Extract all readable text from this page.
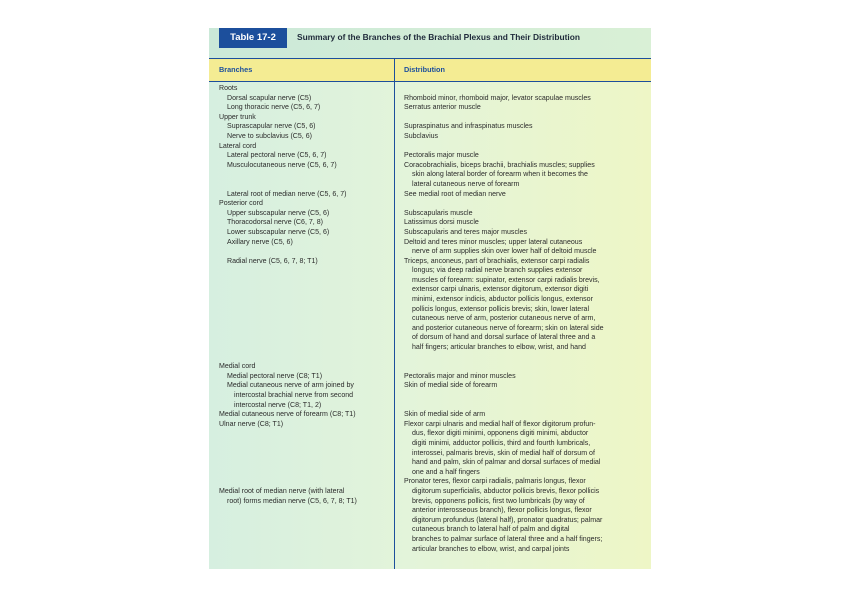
Table 17-2	Summary of the Branches of the Brachial Plexus and Their Distribution
Branches	Distribution
Roots
Dorsal scapular nerve (C5)
Long thoracic nerve (C5, 6, 7)
Upper trunk
Suprascapular nerve (C5, 6)
Nerve to subclavius (C5, 6)
Lateral cord
Lateral pectoral nerve (C5, 6, 7)
Musculocutaneous nerve (C5, 6, 7)
Lateral root of median nerve (C5, 6, 7)
Posterior cord
Upper subscapular nerve (C5, 6)
Thoracodorsal nerve (C6, 7, 8)
Lower subscapular nerve (C5, 6)
Axillary nerve (C5, 6)
Radial nerve (C5, 6, 7, 8; T1)
Medial cord
Medial pectoral nerve (C8; T1)
Medial cutaneous nerve of arm joined by
intercostal brachial nerve from second
intercostal nerve (C8; T1, 2)
Medial cutaneous nerve of forearm (C8; T1)
Ulnar nerve (C8; T1)
Medial root of median nerve (with lateral
root) forms median nerve (C5, 6, 7, 8; T1)
Rhomboid minor, rhomboid major, levator scapulae muscles
Serratus anterior muscle
Supraspinatus and infraspinatus muscles
Subclavius
Pectoralis major muscle
Coracobrachialis, biceps brachii, brachialis muscles; supplies
skin along lateral border of forearm when it becomes the
lateral cutaneous nerve of forearm
See medial root of median nerve
Subscapularis muscle
Latissimus dorsi muscle
Subscapularis and teres major muscles
Deltoid and teres minor muscles; upper lateral cutaneous
nerve of arm supplies skin over lower half of deltoid muscle
Triceps, anconeus, part of brachialis, extensor carpi radialis
longus; via deep radial nerve branch supplies extensor
muscles of forearm: supinator, extensor carpi radialis brevis,
extensor carpi ulnaris, extensor digitorum, extensor digiti
minimi, extensor indicis, abductor pollicis longus, extensor
pollicis longus, extensor pollicis brevis; skin, lower lateral
cutaneous nerve of arm, posterior cutaneous nerve of arm,
and posterior cutaneous nerve of forearm; skin on lateral side
of dorsum of hand and dorsal surface of lateral three and a
half fingers; articular branches to elbow, wrist, and hand
Pectoralis major and minor muscles
Skin of medial side of forearm
Skin of medial side of arm
Flexor carpi ulnaris and medial half of flexor digitorum profun-
dus, flexor digiti minimi, opponens digiti minimi, abductor
digiti minimi, adductor pollicis, third and fourth lumbricals,
interossei, palmaris brevis, skin of medial half of dorsum of
hand and palm, skin of palmar and dorsal surfaces of medial
one and a half fingers
Pronator teres, flexor carpi radialis, palmaris longus, flexor
digitorum superficialis, abductor pollicis brevis, flexor pollicis
brevis, opponens pollicis, first two lumbricals (by way of
anterior interosseous branch), flexor pollicis longus, flexor
digitorum profundus (lateral half), pronator quadratus; palmar
cutaneous branch to lateral half of palm and digital
branches to palmar surface of lateral three and a half fingers;
articular branches to elbow, wrist, and carpal joints
